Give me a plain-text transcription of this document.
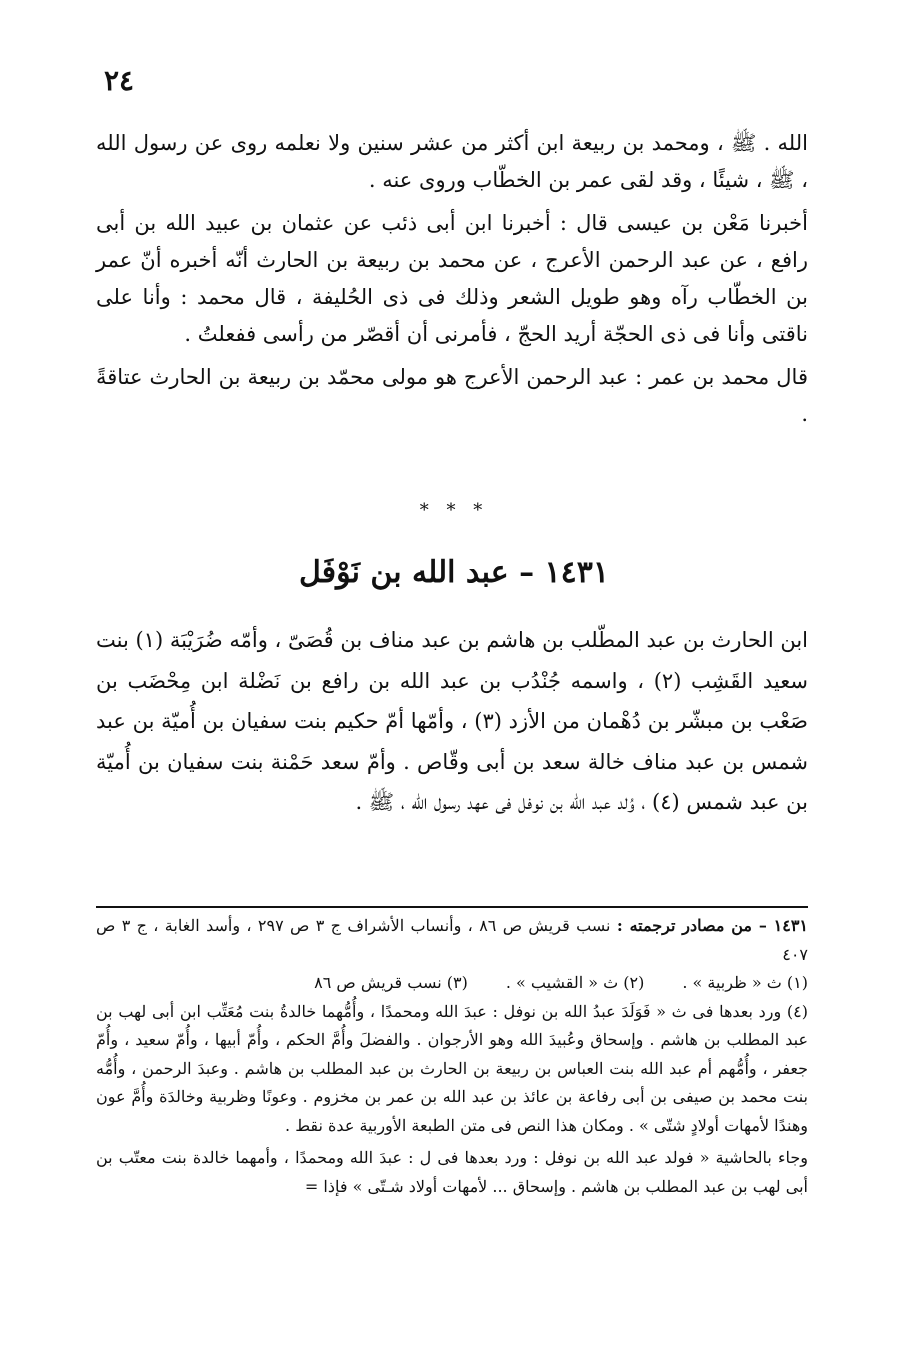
٢٤

الله . ﷺ ، ومحمد بن ربيعة ابن أكثر من عشر سنين ولا نعلمه روى عن رسول الله ، ﷺ ، شيئًا ، وقد لقى عمر بن الخطّاب وروى عنه .

أخبرنا مَعْن بن عيسى قال : أخبرنا ابن أبى ذئب عن عثمان بن عبيد الله بن أبى رافع ، عن عبد الرحمن الأعرج ، عن محمد بن ربيعة بن الحارث أنّه أخبره أنّ عمر بن الخطّاب رآه وهو طويل الشعر وذلك فى ذى الحُليفة ، قال محمد : وأنا على ناقتى وأنا فى ذى الحجّة أريد الحجّ ، فأمرنى أن أقصّر من رأسى ففعلتُ .

قال محمد بن عمر : عبد الرحمن الأعرج هو مولى محمّد بن ربيعة بن الحارث عتاقةً .

* * *
١٤٣١ – عبد الله بن نَوْفَل

ابن الحارث بن عبد المطّلب بن هاشم بن عبد مناف بن قُصَىّ ، وأمّه ضُرَيْبَة (١) بنت سعيد القَشِب (٢) ، واسمه جُنْدُب بن عبد الله بن رافع بن نَضْلة ابن مِحْضَب بن صَعْب بن مبشّر بن دُهْمان من الأزد (٣) ، وأمّها أمّ حكيم بنت سفيان بن أُميّة بن عبد شمس بن عبد مناف خالة سعد بن أبى وقّاص . وأمّ سعد حَمْنة بنت سفيان بن أُميّة بن عبد شمس (٤) ، وُلد عبد الله بن نوفل فى عهد رسول الله ، ﷺ .

١٤٣١ – من مصادر ترجمته : نسب قريش ص ٨٦ ، وأنساب الأشراف ج ٣ ص ٢٩٧ ، وأسد الغابة ، ج ٣ ص ٤٠٧

(١) ث « ظربية » .
(٢) ث « القشيب » .
(٣) نسب قريش ص ٨٦

(٤) ورد بعدها فى ث « فَوَلَدَ عبدُ الله بن نوفل : عبدَ الله ومحمدًا ، وأُمُّهما خالدةُ بنت مُعَتِّب ابن أبى لهب بن عبد المطلب بن هاشم . وإسحاق وعُبيدَ الله وهو الأرجوان . والفضلَ وأُمَّ الحكم ، وأُمّ أبيها ، وأُمّ سعيد ، وأُمّ جعفر ، وأُمُّهم أم عبد الله بنت العباس بن ربيعة بن الحارث بن عبد المطلب بن هاشم . وعبدَ الرحمن ، وأُمُّه بنت محمد بن صيفى بن أبى رفاعة بن عائذ بن عبد الله بن عمر بن مخزوم . وعونًا وظربية وخالدَة وأُمَّ عون وهندًا لأمهات أولادٍ شتّى » . ومكان هذا النص فى متن الطبعة الأوربية عدة نقط .

وجاء بالحاشية « فولد عبد الله بن نوفل : ورد بعدها فى ل : عبدَ الله ومحمدًا ، وأمهما خالدة بنت معتّب بن أبى لهب بن عبد المطلب بن هاشم . وإسحاق ... لأمهات أولاد شـتّى » فإذا =
